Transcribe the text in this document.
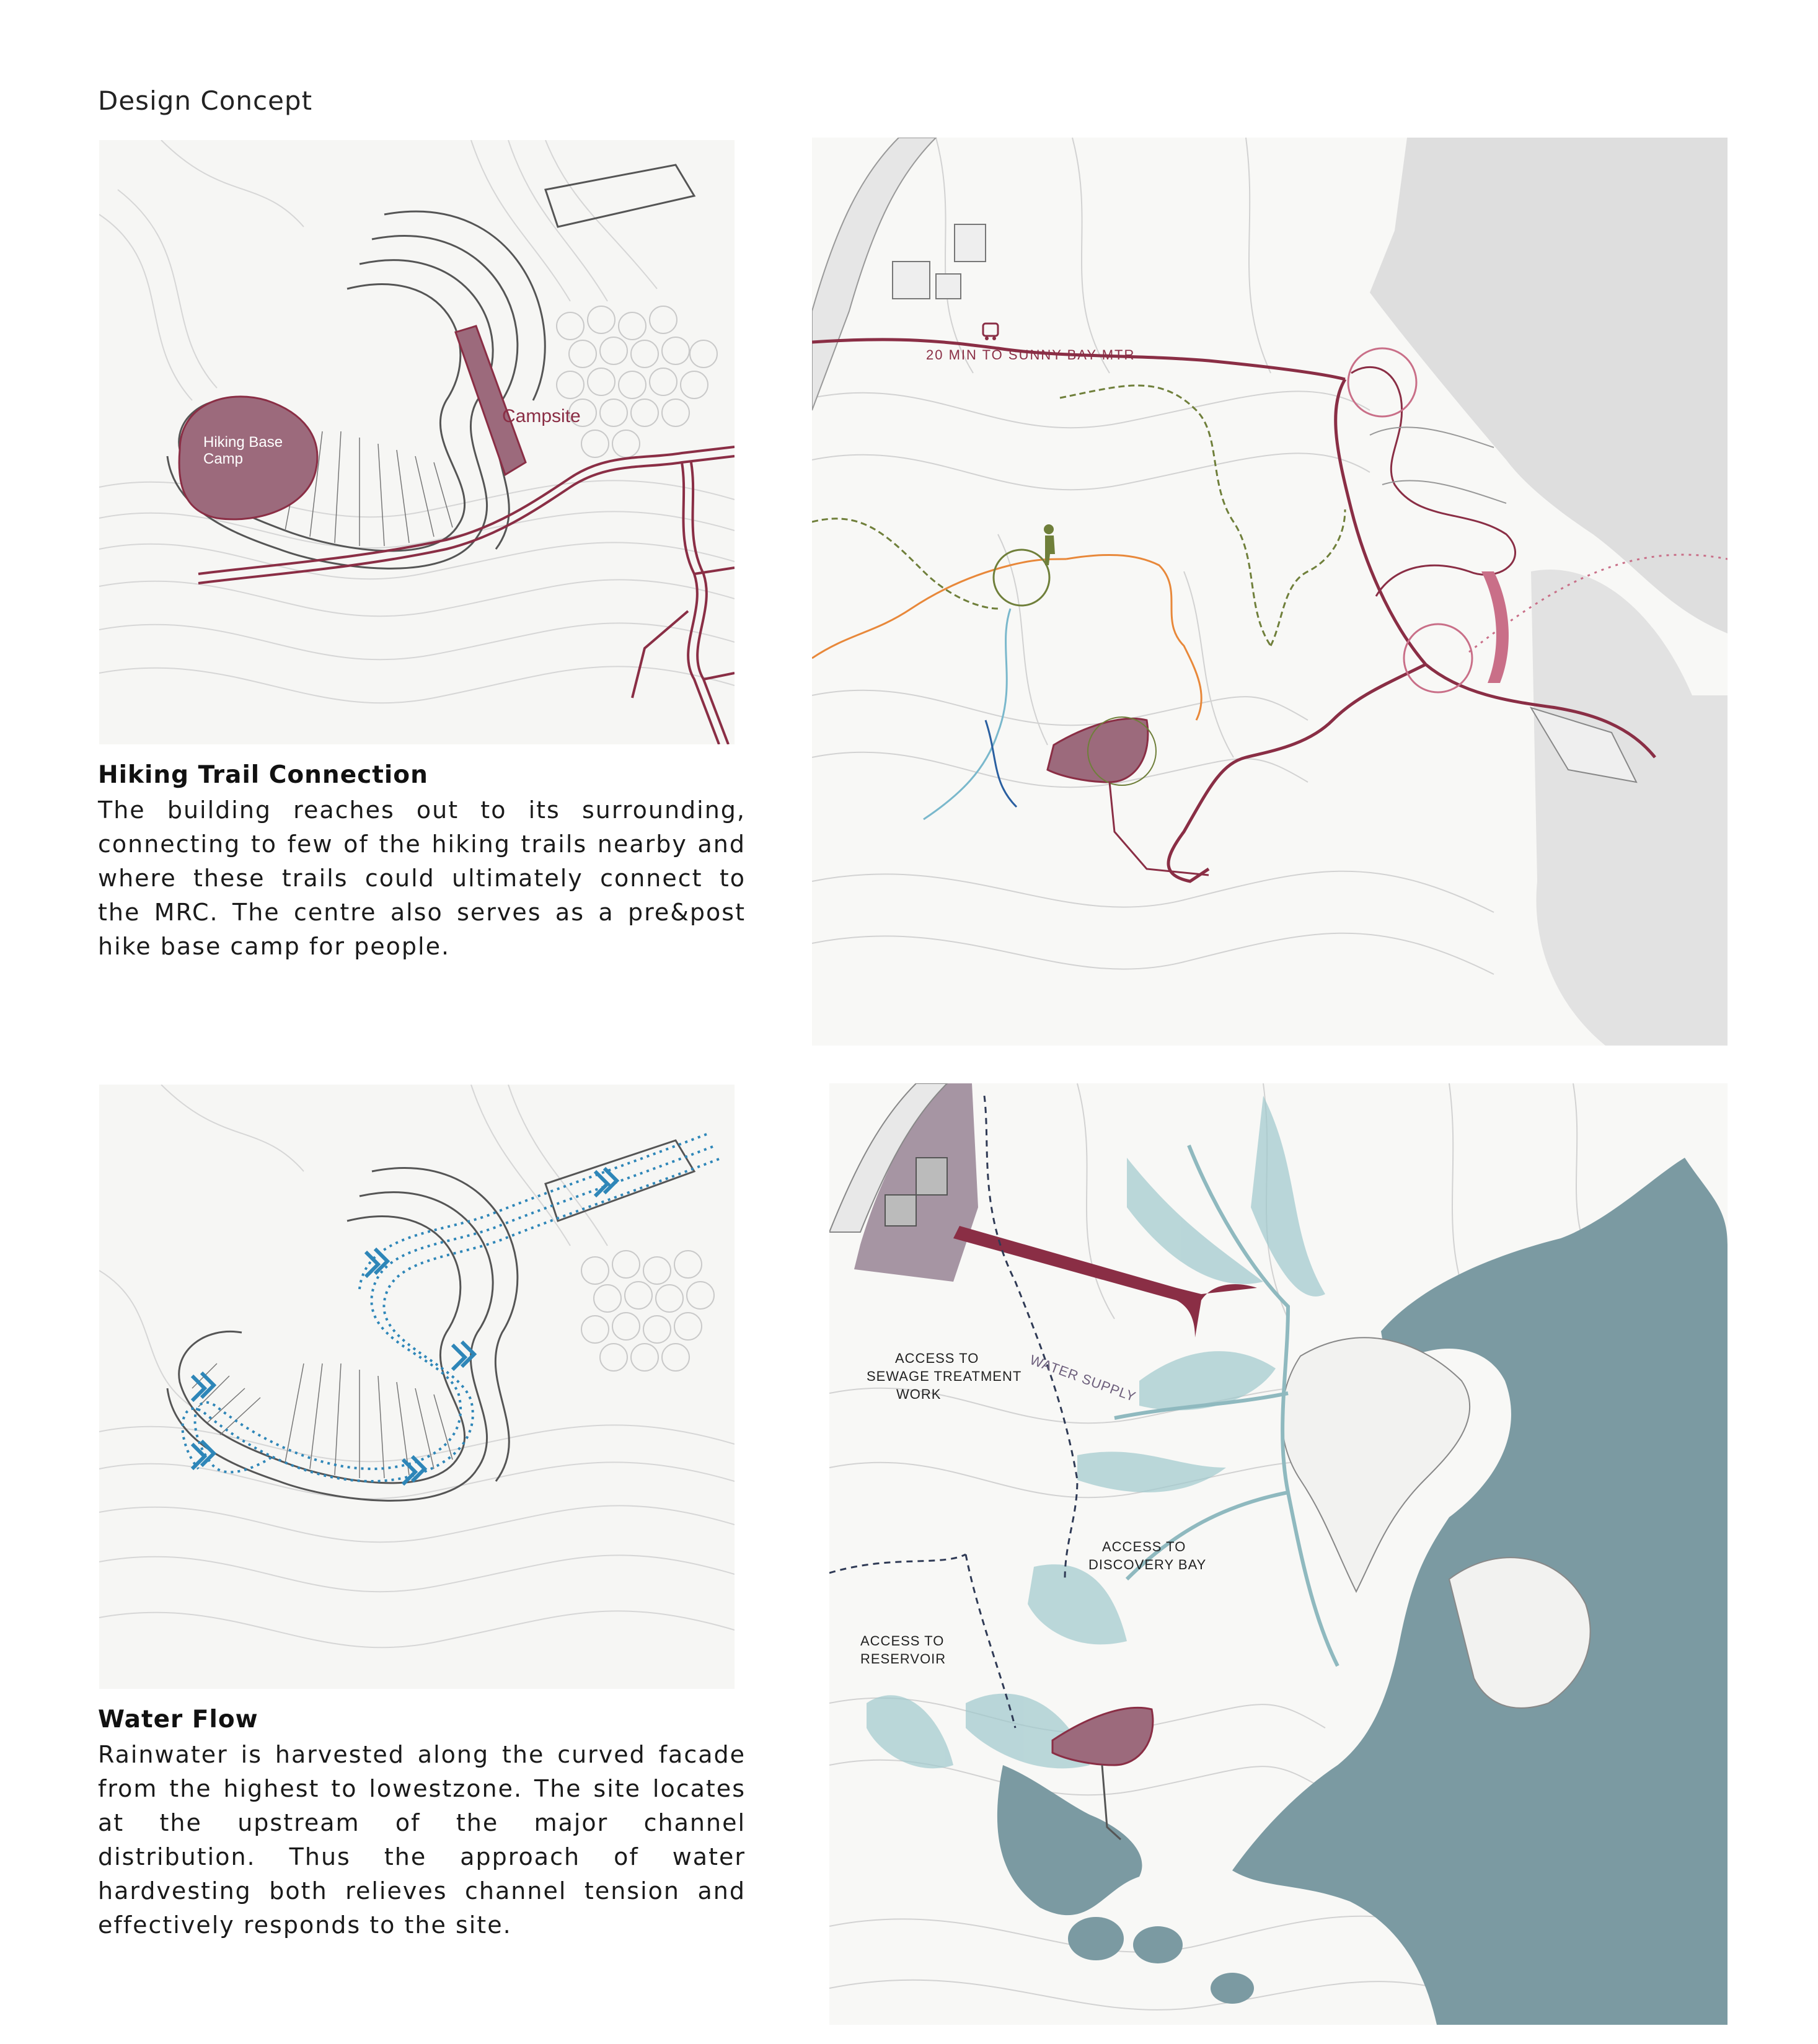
Design Concept
Campsite
Hiking Base
Camp
Hiking Trail Connection
The building reaches out to its surrounding, connecting to few of the hiking trails nearby and where these trails could ultimately connect to the MRC. The centre also serves as a pre&post hike base camp for people.
20 MIN TO SUNNY BAY MTR
Water Flow
Rainwater is harvested along the curved facade from the highest to lowestzone. The site locates at the upstream of the major channel distribution. Thus the approach of water hardvesting both relieves channel tension and effectively responds to the site.
WATER SUPPLY
ACCESS TO
SEWAGE TREATMENT
WORK
ACCESS TO
DISCOVERY BAY
ACCESS TO
RESERVOIR
